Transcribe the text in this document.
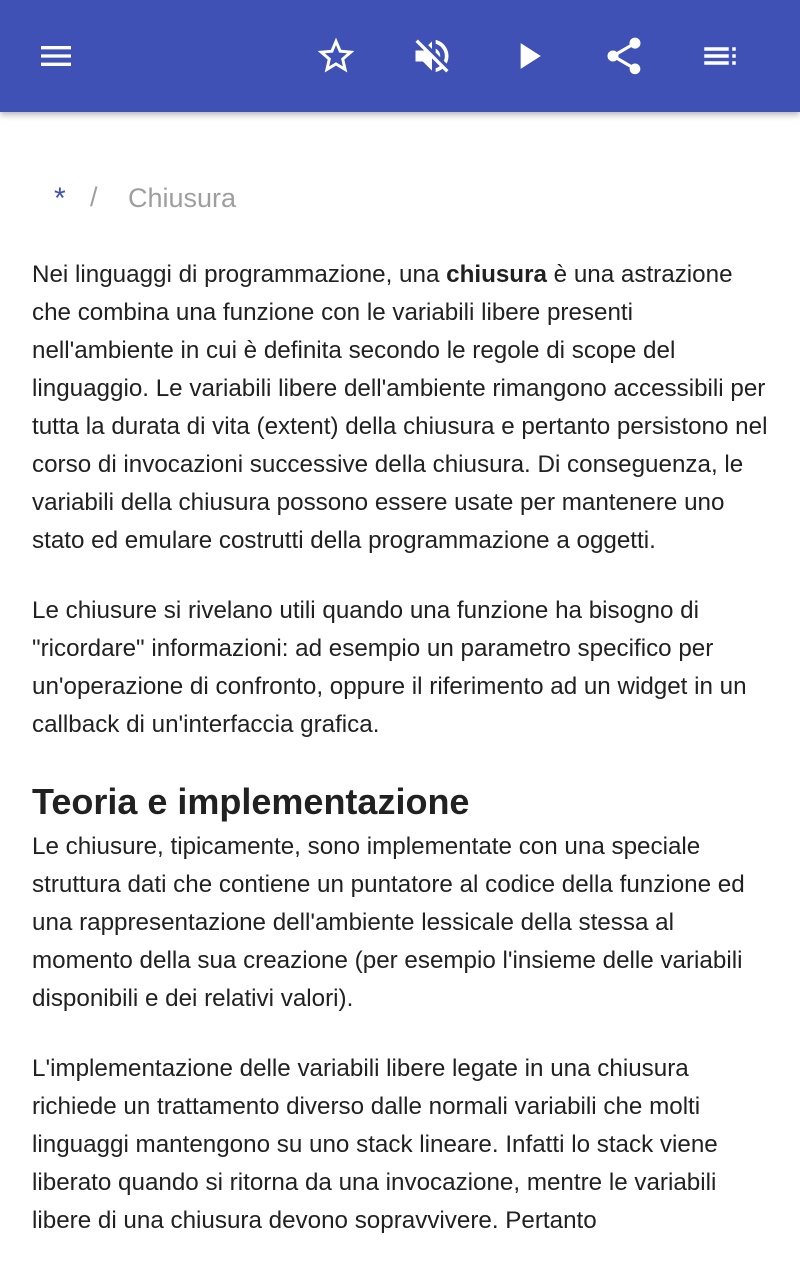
* / Chiusura

Nei linguaggi di programmazione, una chiusura è una astrazione che combina una funzione con le variabili libere presenti nell'ambiente in cui è definita secondo le regole di scope del linguaggio. Le variabili libere dell'ambiente rimangono accessibili per tutta la durata di vita (extent) della chiusura e pertanto persistono nel corso di invocazioni successive della chiusura. Di conseguenza, le variabili della chiusura possono essere usate per mantenere uno stato ed emulare costrutti della programmazione a oggetti.

Le chiusure si rivelano utili quando una funzione ha bisogno di "ricordare" informazioni: ad esempio un parametro specifico per un'operazione di confronto, oppure il riferimento ad un widget in un callback di un'interfaccia grafica.

Teoria e implementazione

Le chiusure, tipicamente, sono implementate con una speciale struttura dati che contiene un puntatore al codice della funzione ed una rappresentazione dell'ambiente lessicale della stessa al momento della sua creazione (per esempio l'insieme delle variabili disponibili e dei relativi valori).

L'implementazione delle variabili libere legate in una chiusura richiede un trattamento diverso dalle normali variabili che molti linguaggi mantengono su uno stack lineare. Infatti lo stack viene liberato quando si ritorna da una invocazione, mentre le variabili libere di una chiusura devono sopravvivere. Pertanto
